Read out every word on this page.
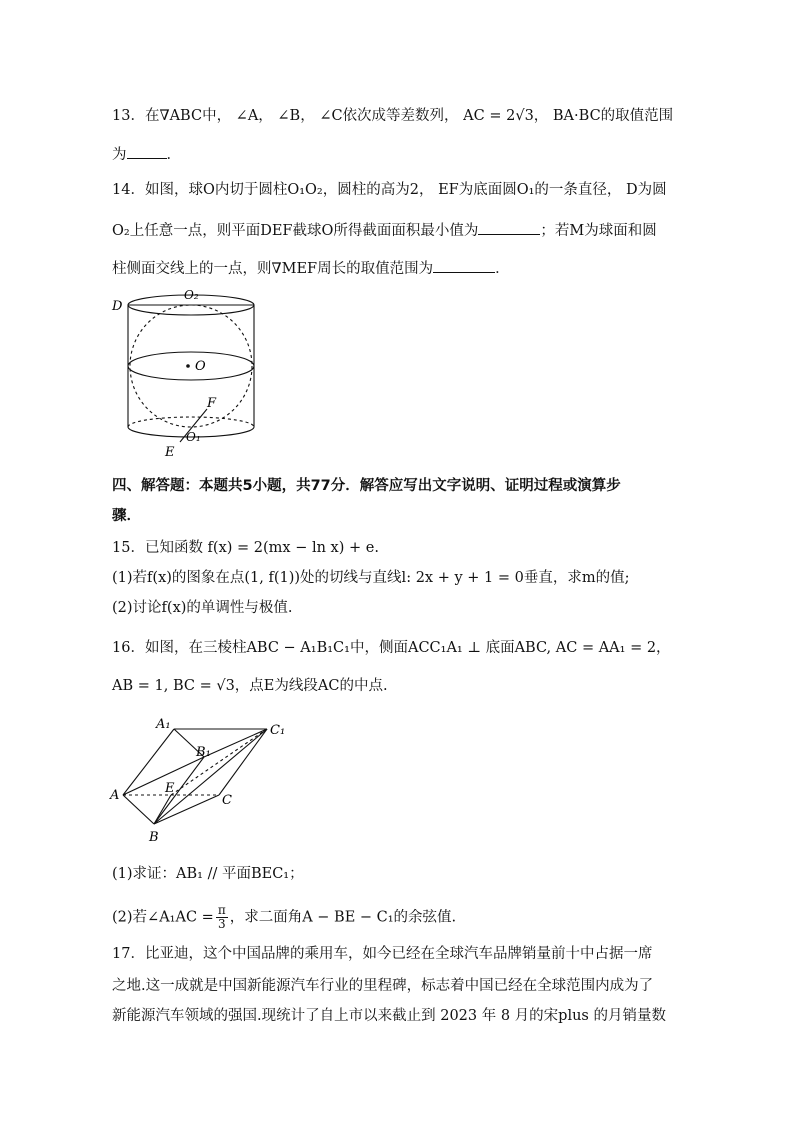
13．在∇ABC中， ∠A， ∠B， ∠C依次成等差数列， AC = 2√3， BA·BC的取值范围
为	．
14．如图，球O内切于圆柱O₁O₂，圆柱的高为2， EF为底面圆O₁的一条直径， D为圆
O₂上任意一点，则平面DEF截球O所得截面面积最小值为	；若M为球面和圆
柱侧面交线上的一点，则∇MEF周长的取值范围为	．
D
O₂
O
F
O₁
E
四、解答题：本题共5小题，共77分．解答应写出文字说明、证明过程或演算步
骤．
15．已知函数 f(x) = 2(mx − ln x) + e.
(1)若f(x)的图象在点(1, f(1))处的切线与直线l: 2x + y + 1 = 0垂直，求m的值;
(2)讨论f(x)的单调性与极值.
16．如图，在三棱柱ABC − A₁B₁C₁中，侧面ACC₁A₁ ⊥ 底面ABC, AC = AA₁ = 2，
AB = 1, BC = √3，点E为线段AC的中点.
A₁	C₁
B₁
A	E
C
B
(1)求证：AB₁ // 平面BEC₁；
(2)若∠A₁AC = $\frac{\pi}{3}$ ，求二面角A − BE − C₁的余弦值.
17．比亚迪，这个中国品牌的乘用车，如今已经在全球汽车品牌销量前十中占据一席
之地.这一成就是中国新能源汽车行业的里程碑，标志着中国已经在全球范围内成为了
新能源汽车领域的强国.现统计了自上市以来截止到 2023 年 8 月的宋plus 的月销量数
